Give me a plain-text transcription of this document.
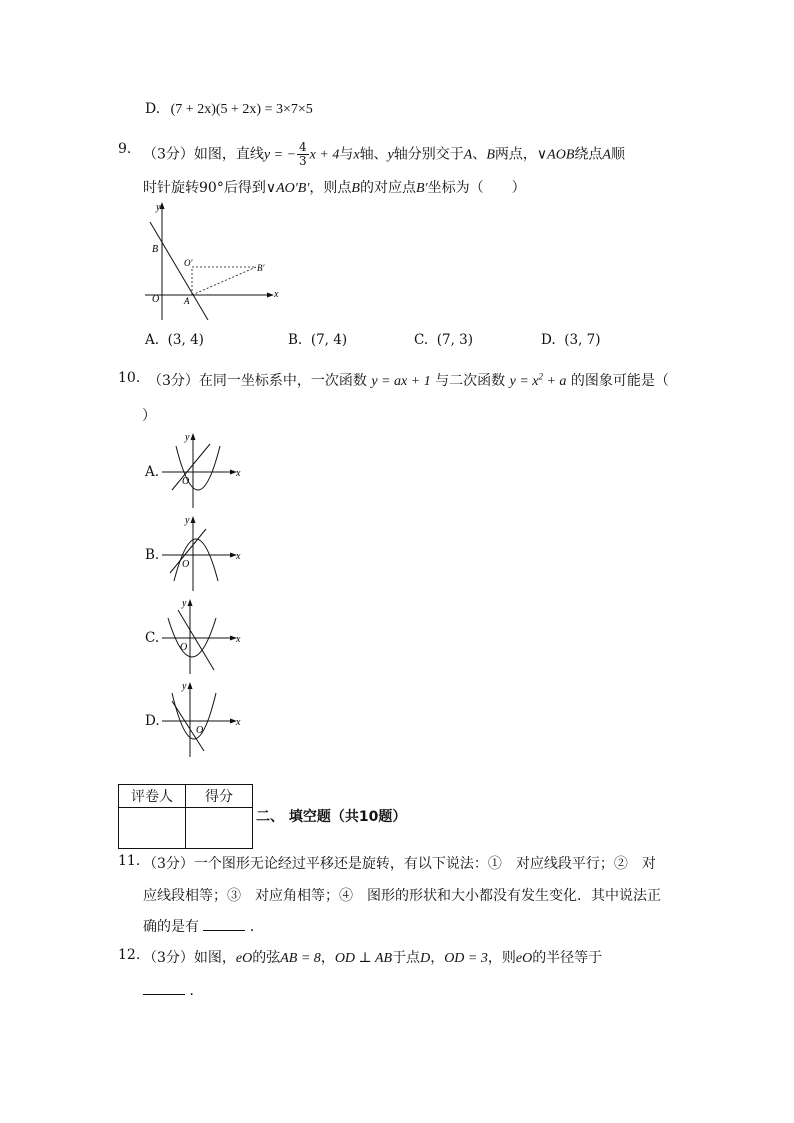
D. (7 + 2x)(5 + 2x) = 3×7×5
9. （3分）如图，直线y = − $\frac{4}{3}$ x + 4与x轴、y轴分别交于A、B两点，∨AOB绕点A顺
时针旋转90°后得到∨AO′B′，则点B的对应点B′坐标为（　　）
y
x
B
O	A
O′	B′
A. (3, 4)	B. (7, 4)	C. (7, 3)	D. (3, 7)
10. （3分）在同一坐标系中，一次函数 y = ax + 1 与二次函数 $y = x^2 + a$ 的图象可能是（
）
A.
y
x
O
B.
y
x
O
C.
y
x
O
D.
y
x
O
评卷人	得分

二、 填空题（共10题）
11. （3分）一个图形无论经过平移还是旋转，有以下说法：①　对应线段平行；②　对
应线段相等；③　对应角相等；④　图形的形状和大小都没有发生变化．其中说法正
确的是有	．
12. （3分）如图，eO的弦AB = 8，OD ⊥ AB于点D，OD = 3，则eO的半径等于
．
